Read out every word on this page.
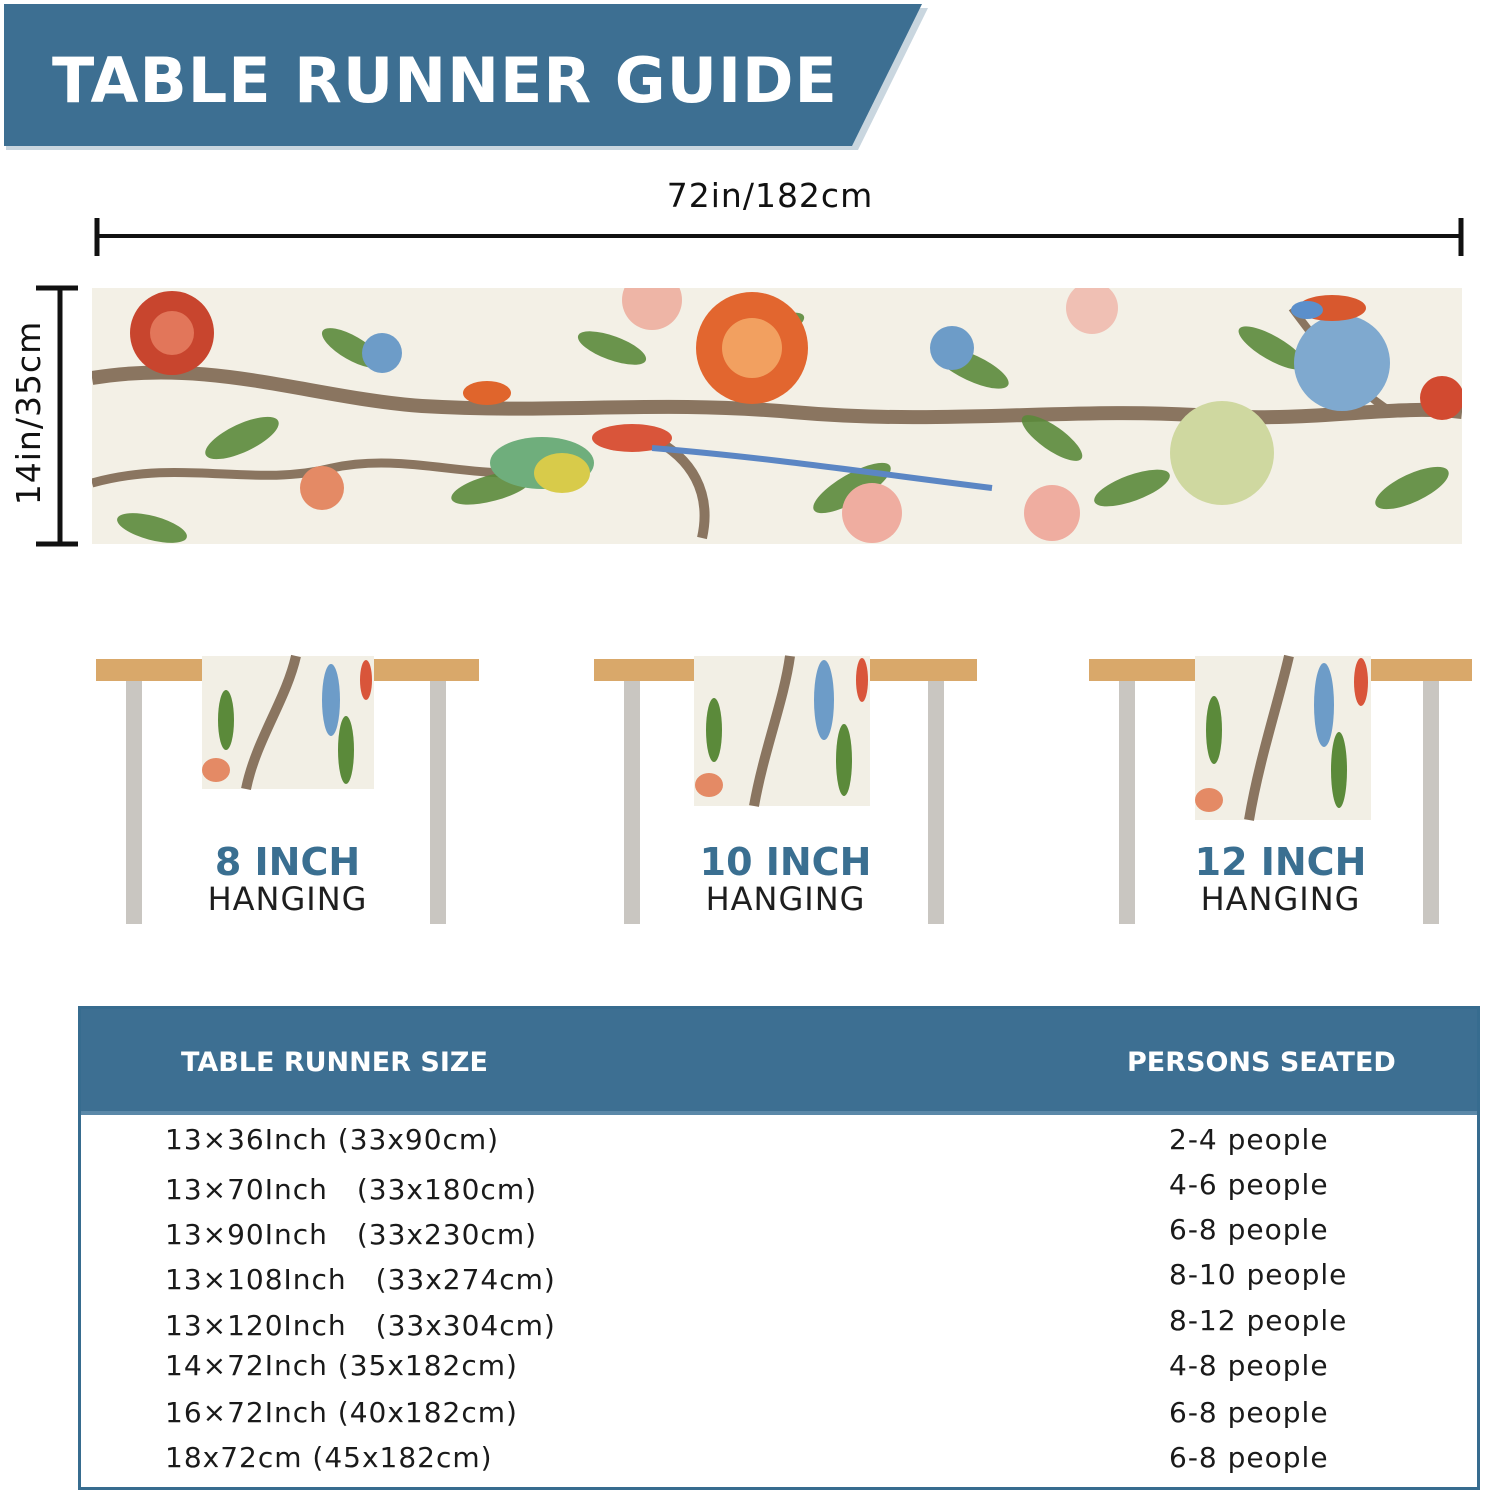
TABLE RUNNER GUIDE
72in/182cm
14in/35cm
8 INCH
HANGING
10 INCH
HANGING
12 INCH
HANGING
TABLE RUNNER SIZE	PERSONS SEATED
13×36Inch (33x90cm)	2-4 people
13×70Inch　(33x180cm)	4-6 people
13×90Inch　(33x230cm)	6-8 people
13×108Inch　(33x274cm)	8-10 people
13×120Inch　(33x304cm)	8-12 people
14×72Inch (35x182cm)	4-8 people
16×72Inch (40x182cm)	6-8 people
18x72cm (45x182cm)	6-8 people
